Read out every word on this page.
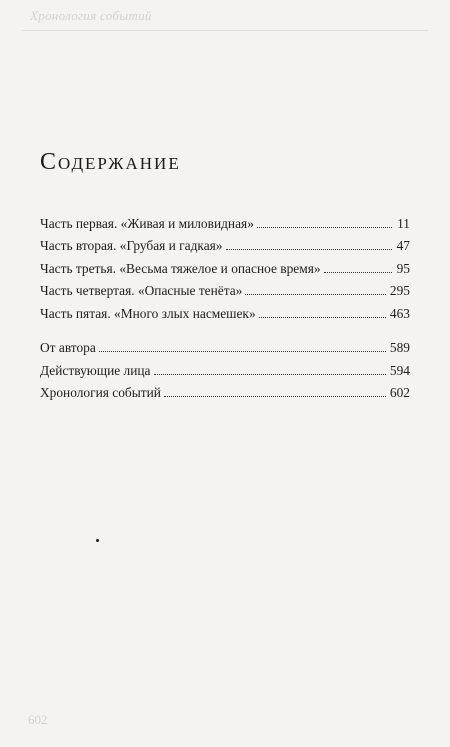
Хронология событий
602
Содержание
Часть первая. «Живая и миловидная»	11
Часть вторая. «Грубая и гадкая»	47
Часть третья. «Весьма тяжелое и опасное время»	95
Часть четвертая. «Опасные тенёта»	295
Часть пятая. «Много злых насмешек»	463
От автора	589
Действующие лица	594
Хронология событий	602
